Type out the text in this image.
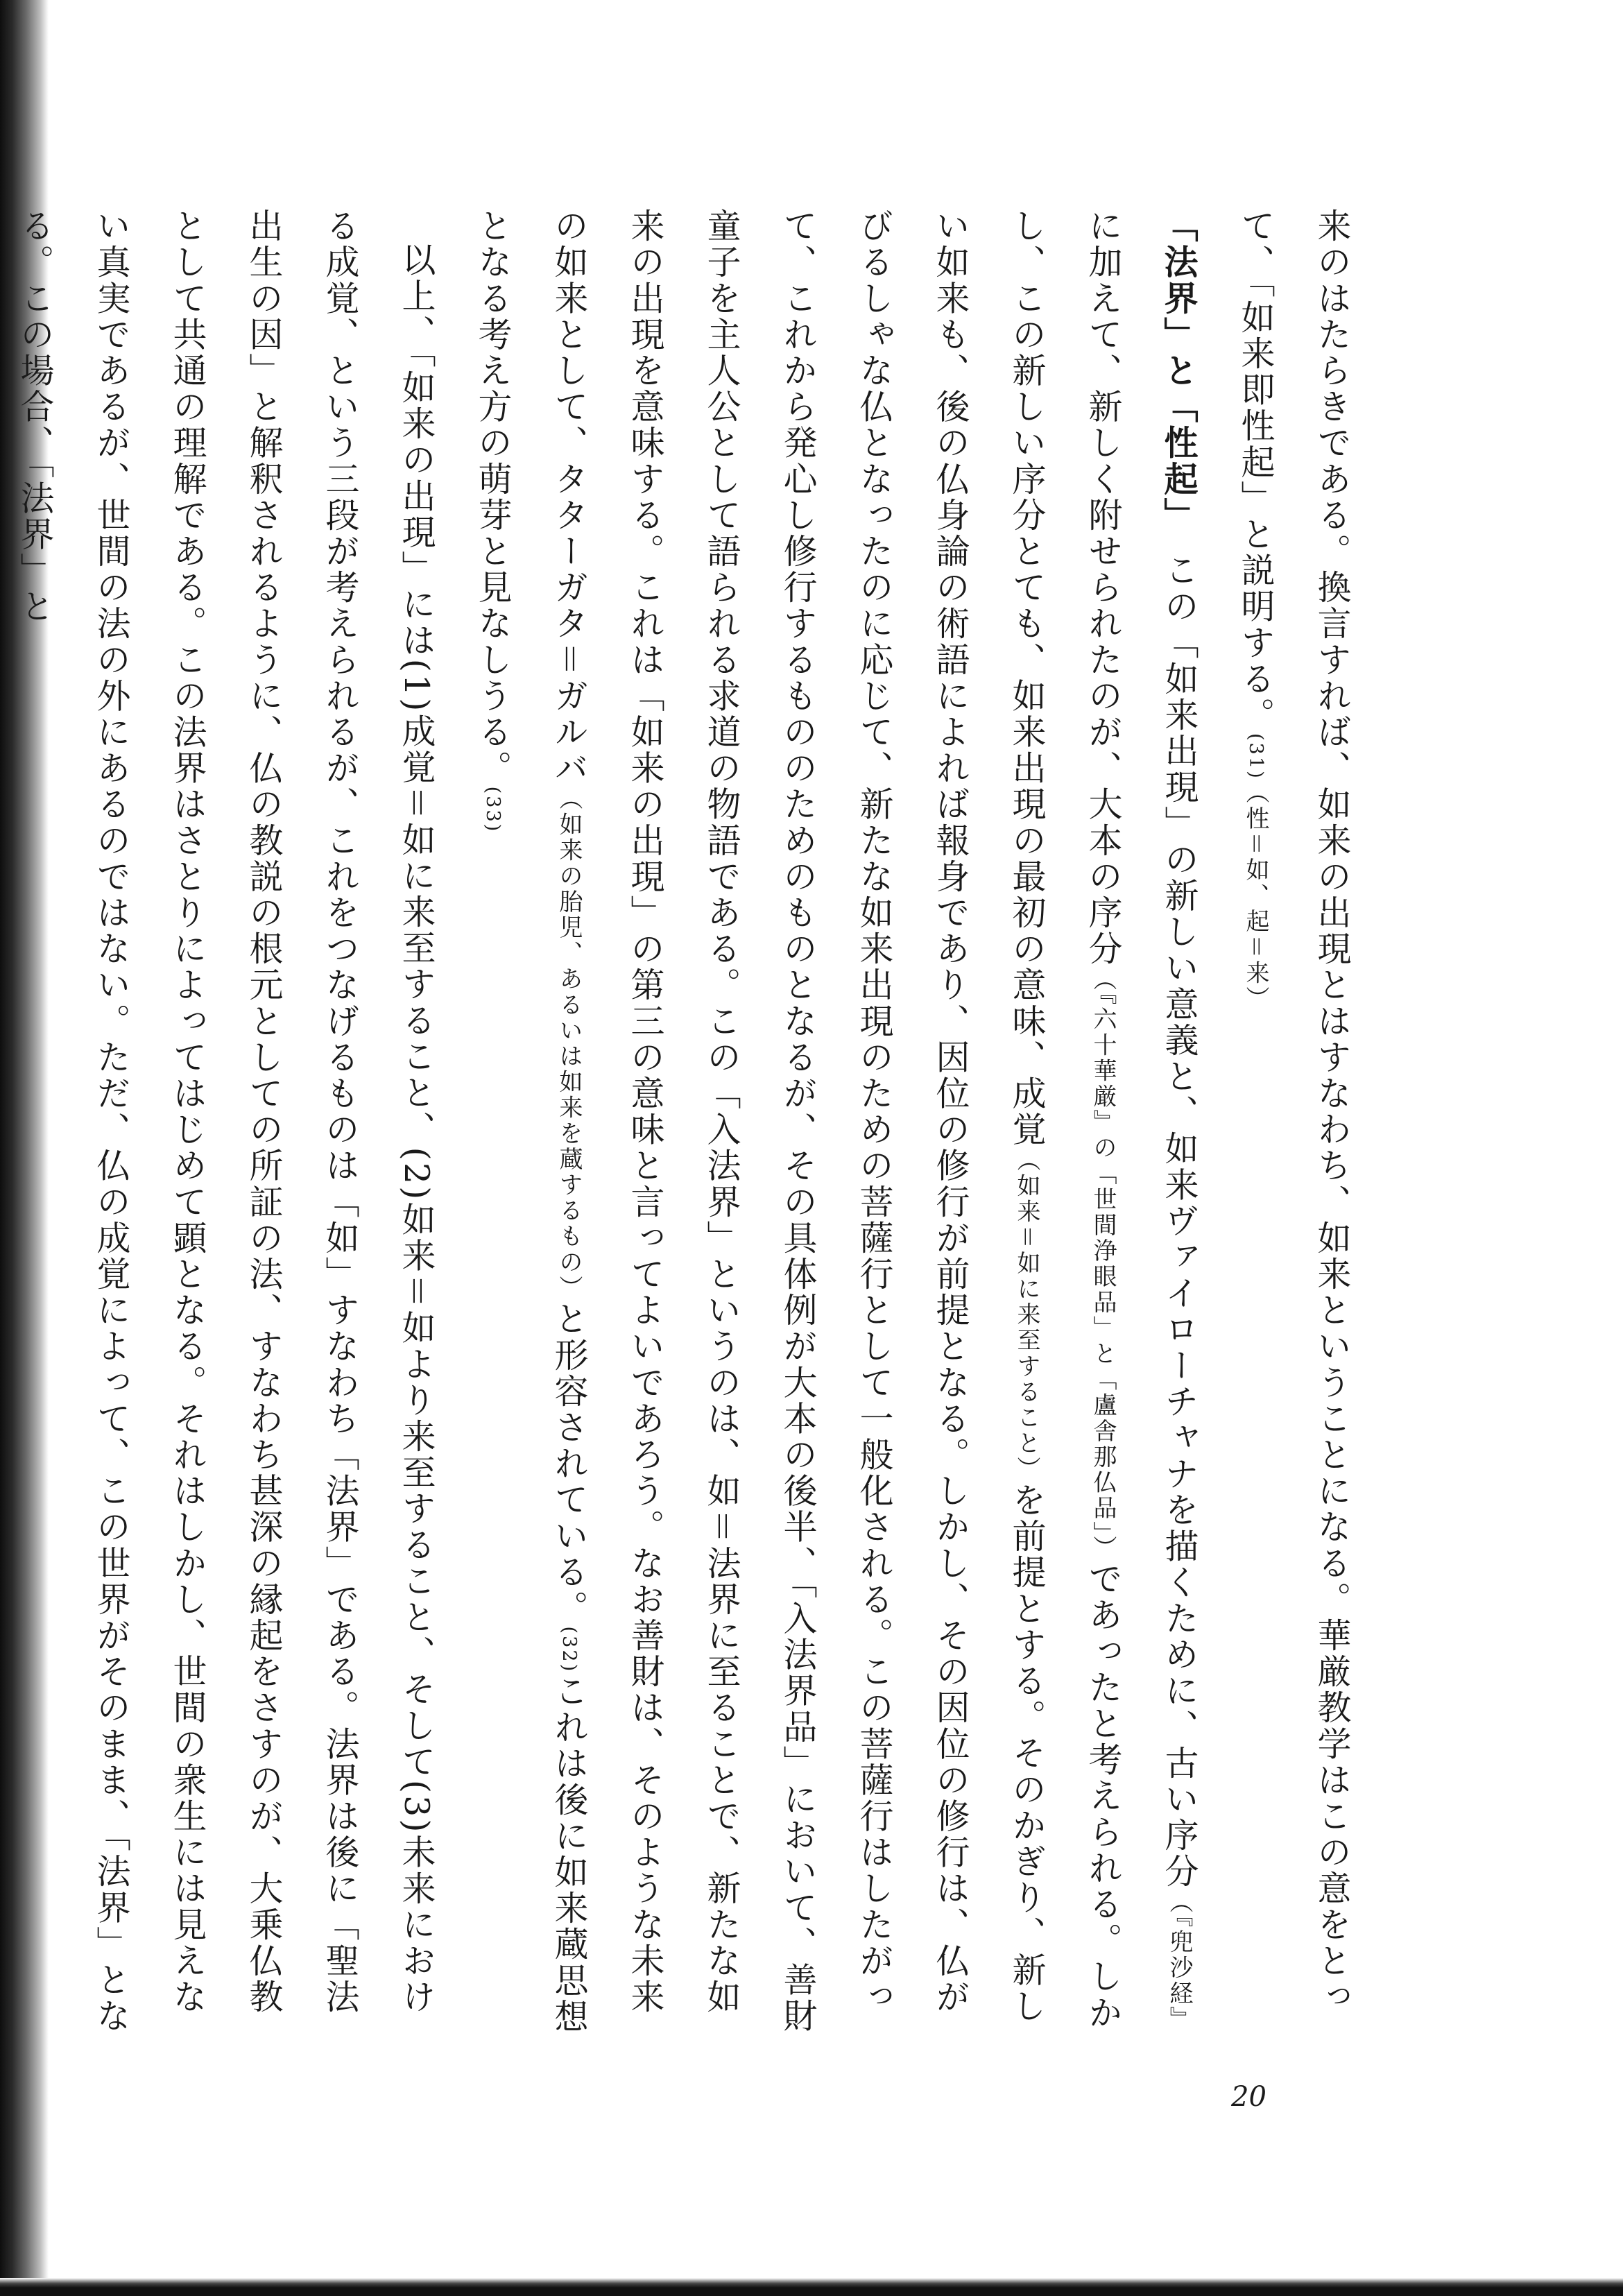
来のはたらきである。換言すれば、如来の出現とはすなわち、如来ということになる。華厳教学はこの意をとって、「如来即性起」と説明する。(31)（性＝如、起＝来）

「法界」と「性起」　この「如来出現」の新しい意義と、如来ヴァイローチャナを描くために、古い序分（『兜沙経』に加えて、新しく附せられたのが、大本の序分（『六十華厳』の「世間浄眼品」と「盧舎那仏品」）であったと考えられる。しかし、この新しい序分とても、如来出現の最初の意味、成覚（如来＝如に来至すること）を前提とする。そのかぎり、新しい如来も、後の仏身論の術語によれば報身であり、因位の修行が前提となる。しかし、その因位の修行は、仏がびるしゃな仏となったのに応じて、新たな如来出現のための菩薩行として一般化される。この菩薩行はしたがって、これから発心し修行するもののためのものとなるが、その具体例が大本の後半、「入法界品」において、善財童子を主人公として語られる求道の物語である。この「入法界」というのは、如＝法界に至ることで、新たな如来の出現を意味する。これは「如来の出現」の第三の意味と言ってよいであろう。なお善財は、そのような未来の如来として、タターガタ＝ガルバ（如来の胎児、あるいは如来を蔵するもの）と形容されている。(32)これは後に如来蔵思想となる考え方の萌芽と見なしうる。(33)

以上、「如来の出現」には(1)成覚＝如に来至すること、(2)如来＝如より来至すること、そして(3)未来における成覚、という三段が考えられるが、これをつなげるものは「如」すなわち「法界」である。法界は後に「聖法出生の因」と解釈されるように、仏の教説の根元としての所証の法、すなわち甚深の縁起をさすのが、大乗仏教として共通の理解である。この法界はさとりによってはじめて顕となる。それはしかし、世間の衆生には見えない真実であるが、世間の法の外にあるのではない。ただ、仏の成覚によって、この世界がそのまま、「法界」となる。この場合、「法界」と

20
